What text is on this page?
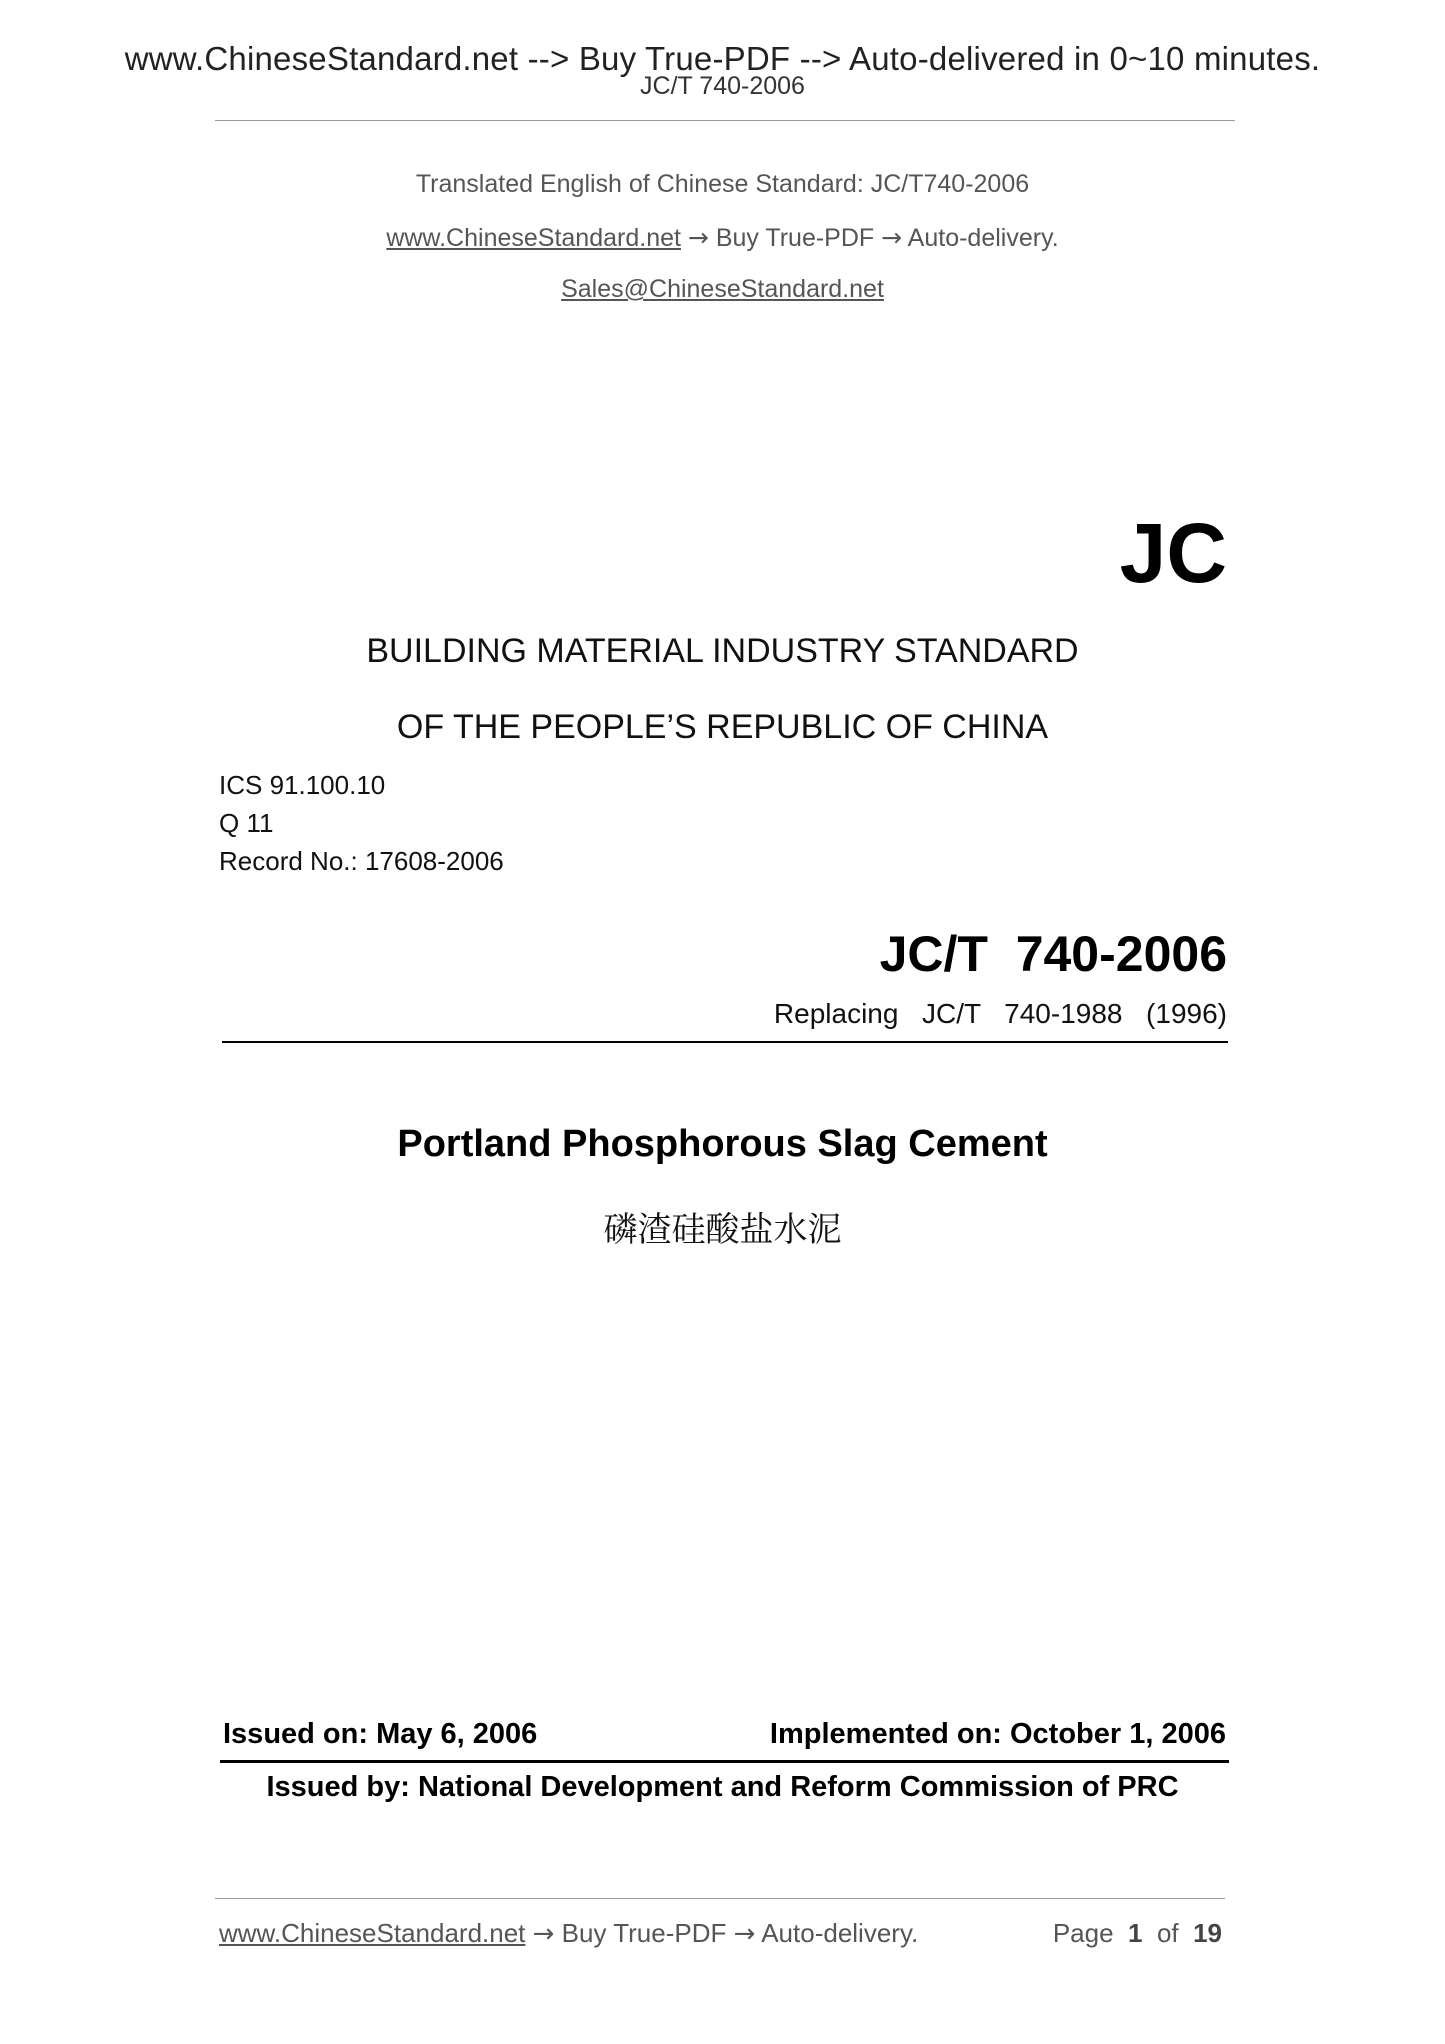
www.ChineseStandard.net --> Buy True-PDF --> Auto-delivered in 0~10 minutes.
JC/T 740-2006
Translated English of Chinese Standard: JC/T740-2006
www.ChineseStandard.net → Buy True-PDF → Auto-delivery.
Sales@ChineseStandard.net
JC
BUILDING MATERIAL INDUSTRY STANDARD
OF THE PEOPLE’S REPUBLIC OF CHINA
ICS 91.100.10
Q 11
Record No.: 17608-2006
JC/T  740-2006
Replacing  JC/T  740-1988  (1996)
Portland Phosphorous Slag Cement
磷渣硅酸盐水泥
Issued on: May 6, 2006	Implemented on: October 1, 2006
Issued by: National Development and Reform Commission of PRC
www.ChineseStandard.net → Buy True-PDF → Auto-delivery.	Page 1 of 19
